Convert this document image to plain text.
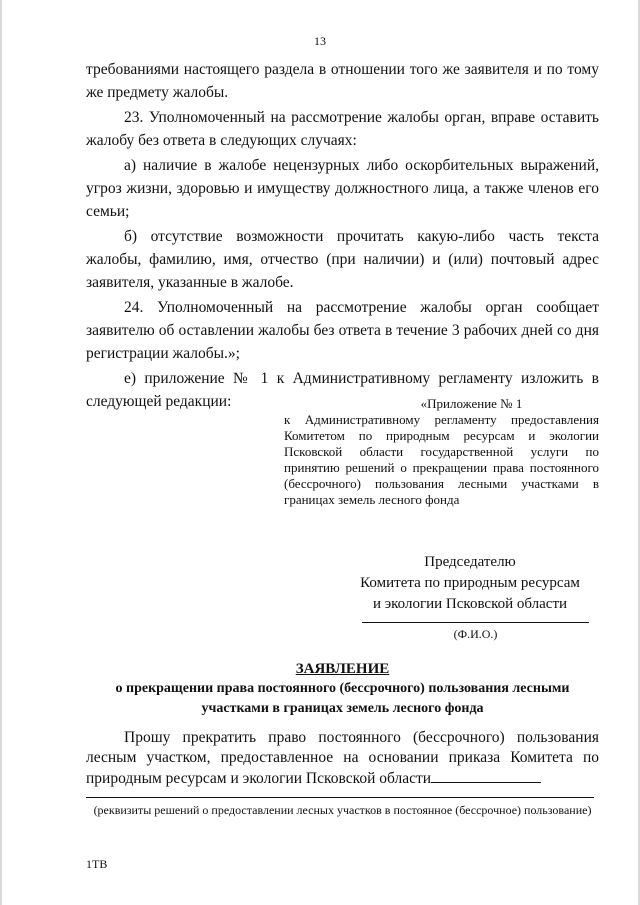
13

требованиями настоящего раздела в отношении того же заявителя и по тому же предмету жалобы.

23. Уполномоченный на рассмотрение жалобы орган, вправе оставить жалобу без ответа в следующих случаях:

а) наличие в жалобе нецензурных либо оскорбительных выражений, угроз жизни, здоровью и имуществу должностного лица, а также членов его семьи;

б) отсутствие возможности прочитать какую-либо часть текста жалобы, фамилию, имя, отчество (при наличии) и (или) почтовый адрес заявителя, указанные в жалобе.

24. Уполномоченный на рассмотрение жалобы орган сообщает заявителю об оставлении жалобы без ответа в течение 3 рабочих дней со дня регистрации жалобы.»;

е) приложение № 1 к Административному регламенту изложить в следующей редакции:	«Приложение № 1
к Административному регламенту предоставления Комитетом по природным ресурсам и экологии Псковской области государственной услуги по принятию решений о прекращении права постоянного (бессрочного) пользования лесными участками в границах земель лесного фонда
Председателю
Комитета по природным ресурсам
и экологии Псковской области
(Ф.И.О.)
ЗАЯВЛЕНИЕ
о прекращении права постоянного (бессрочного) пользования лесными участками в границах земель лесного фонда
Прошу прекратить право постоянного (бессрочного) пользования лесным участком, предоставленное на основании приказа Комитета по природным ресурсам и экологии Псковской области
(реквизиты решений о предоставлении лесных участков в постоянное (бессрочное) пользование)
1ТВ
